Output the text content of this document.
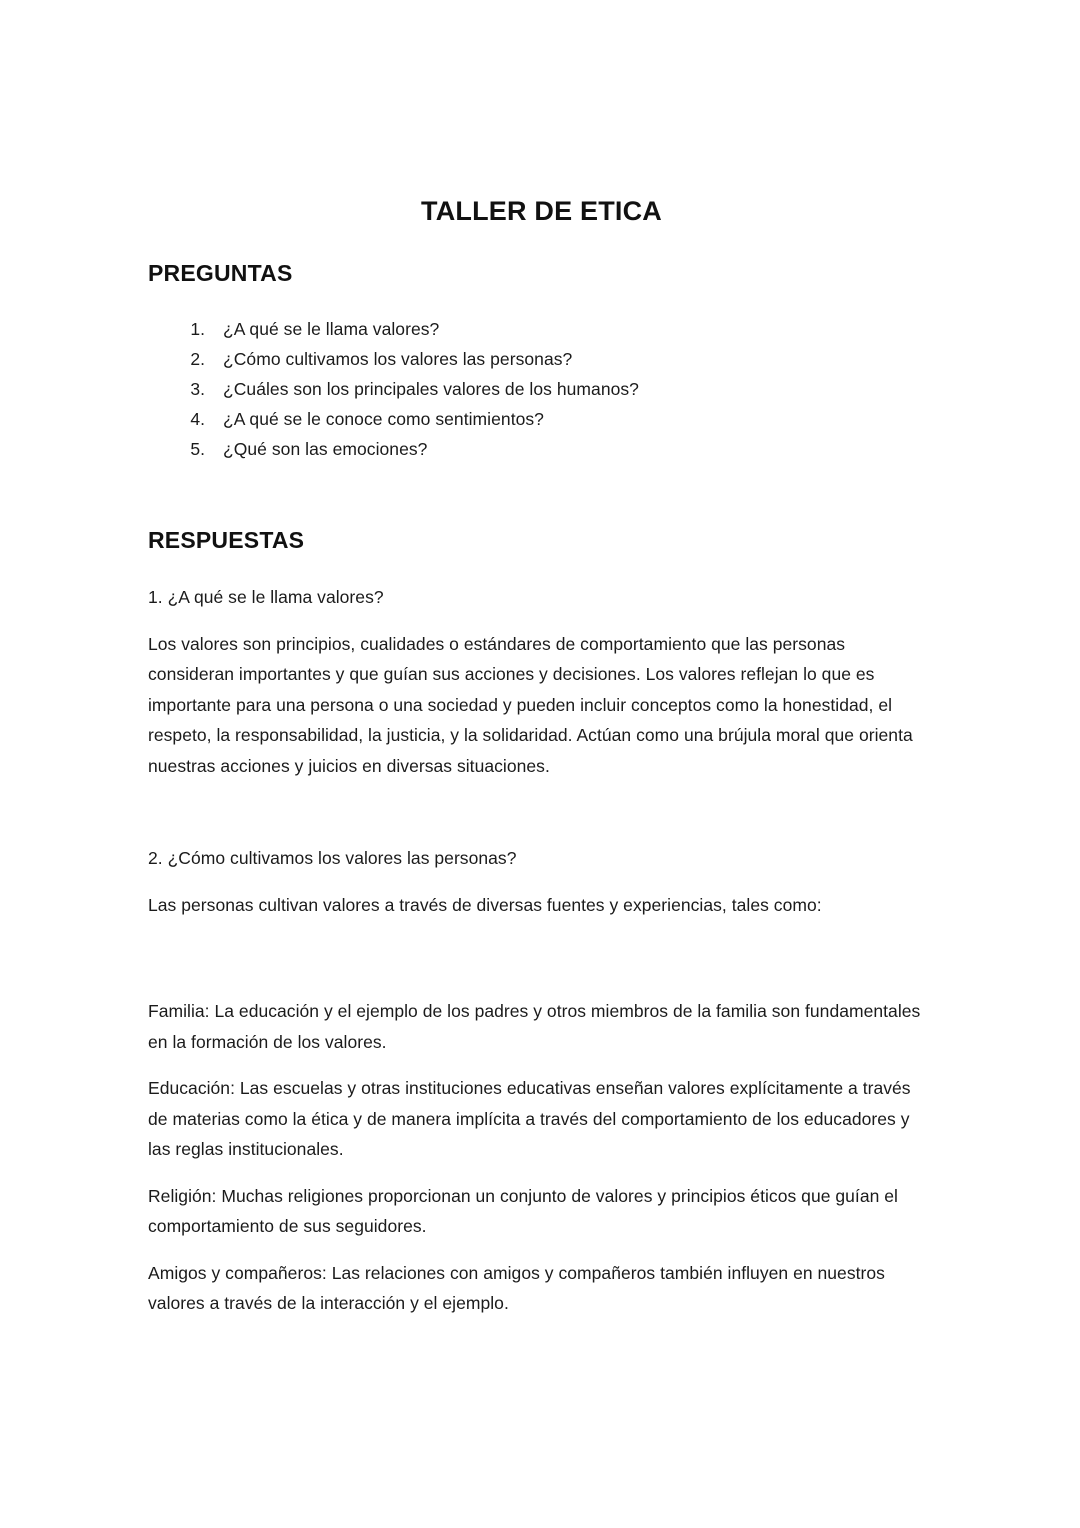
TALLER DE ETICA
PREGUNTAS
1. ¿A qué se le llama valores?
2. ¿Cómo cultivamos los valores las personas?
3. ¿Cuáles son los principales valores de los humanos?
4. ¿A qué se le conoce como sentimientos?
5. ¿Qué son las emociones?
RESPUESTAS

1. ¿A qué se le llama valores?

Los valores son principios, cualidades o estándares de comportamiento que las personas consideran importantes y que guían sus acciones y decisiones. Los valores reflejan lo que es importante para una persona o una sociedad y pueden incluir conceptos como la honestidad, el respeto, la responsabilidad, la justicia, y la solidaridad. Actúan como una brújula moral que orienta nuestras acciones y juicios en diversas situaciones.

2. ¿Cómo cultivamos los valores las personas?

Las personas cultivan valores a través de diversas fuentes y experiencias, tales como:

Familia: La educación y el ejemplo de los padres y otros miembros de la familia son fundamentales en la formación de los valores.

Educación: Las escuelas y otras instituciones educativas enseñan valores explícitamente a través de materias como la ética y de manera implícita a través del comportamiento de los educadores y las reglas institucionales.

Religión: Muchas religiones proporcionan un conjunto de valores y principios éticos que guían el comportamiento de sus seguidores.

Amigos y compañeros: Las relaciones con amigos y compañeros también influyen en nuestros valores a través de la interacción y el ejemplo.
